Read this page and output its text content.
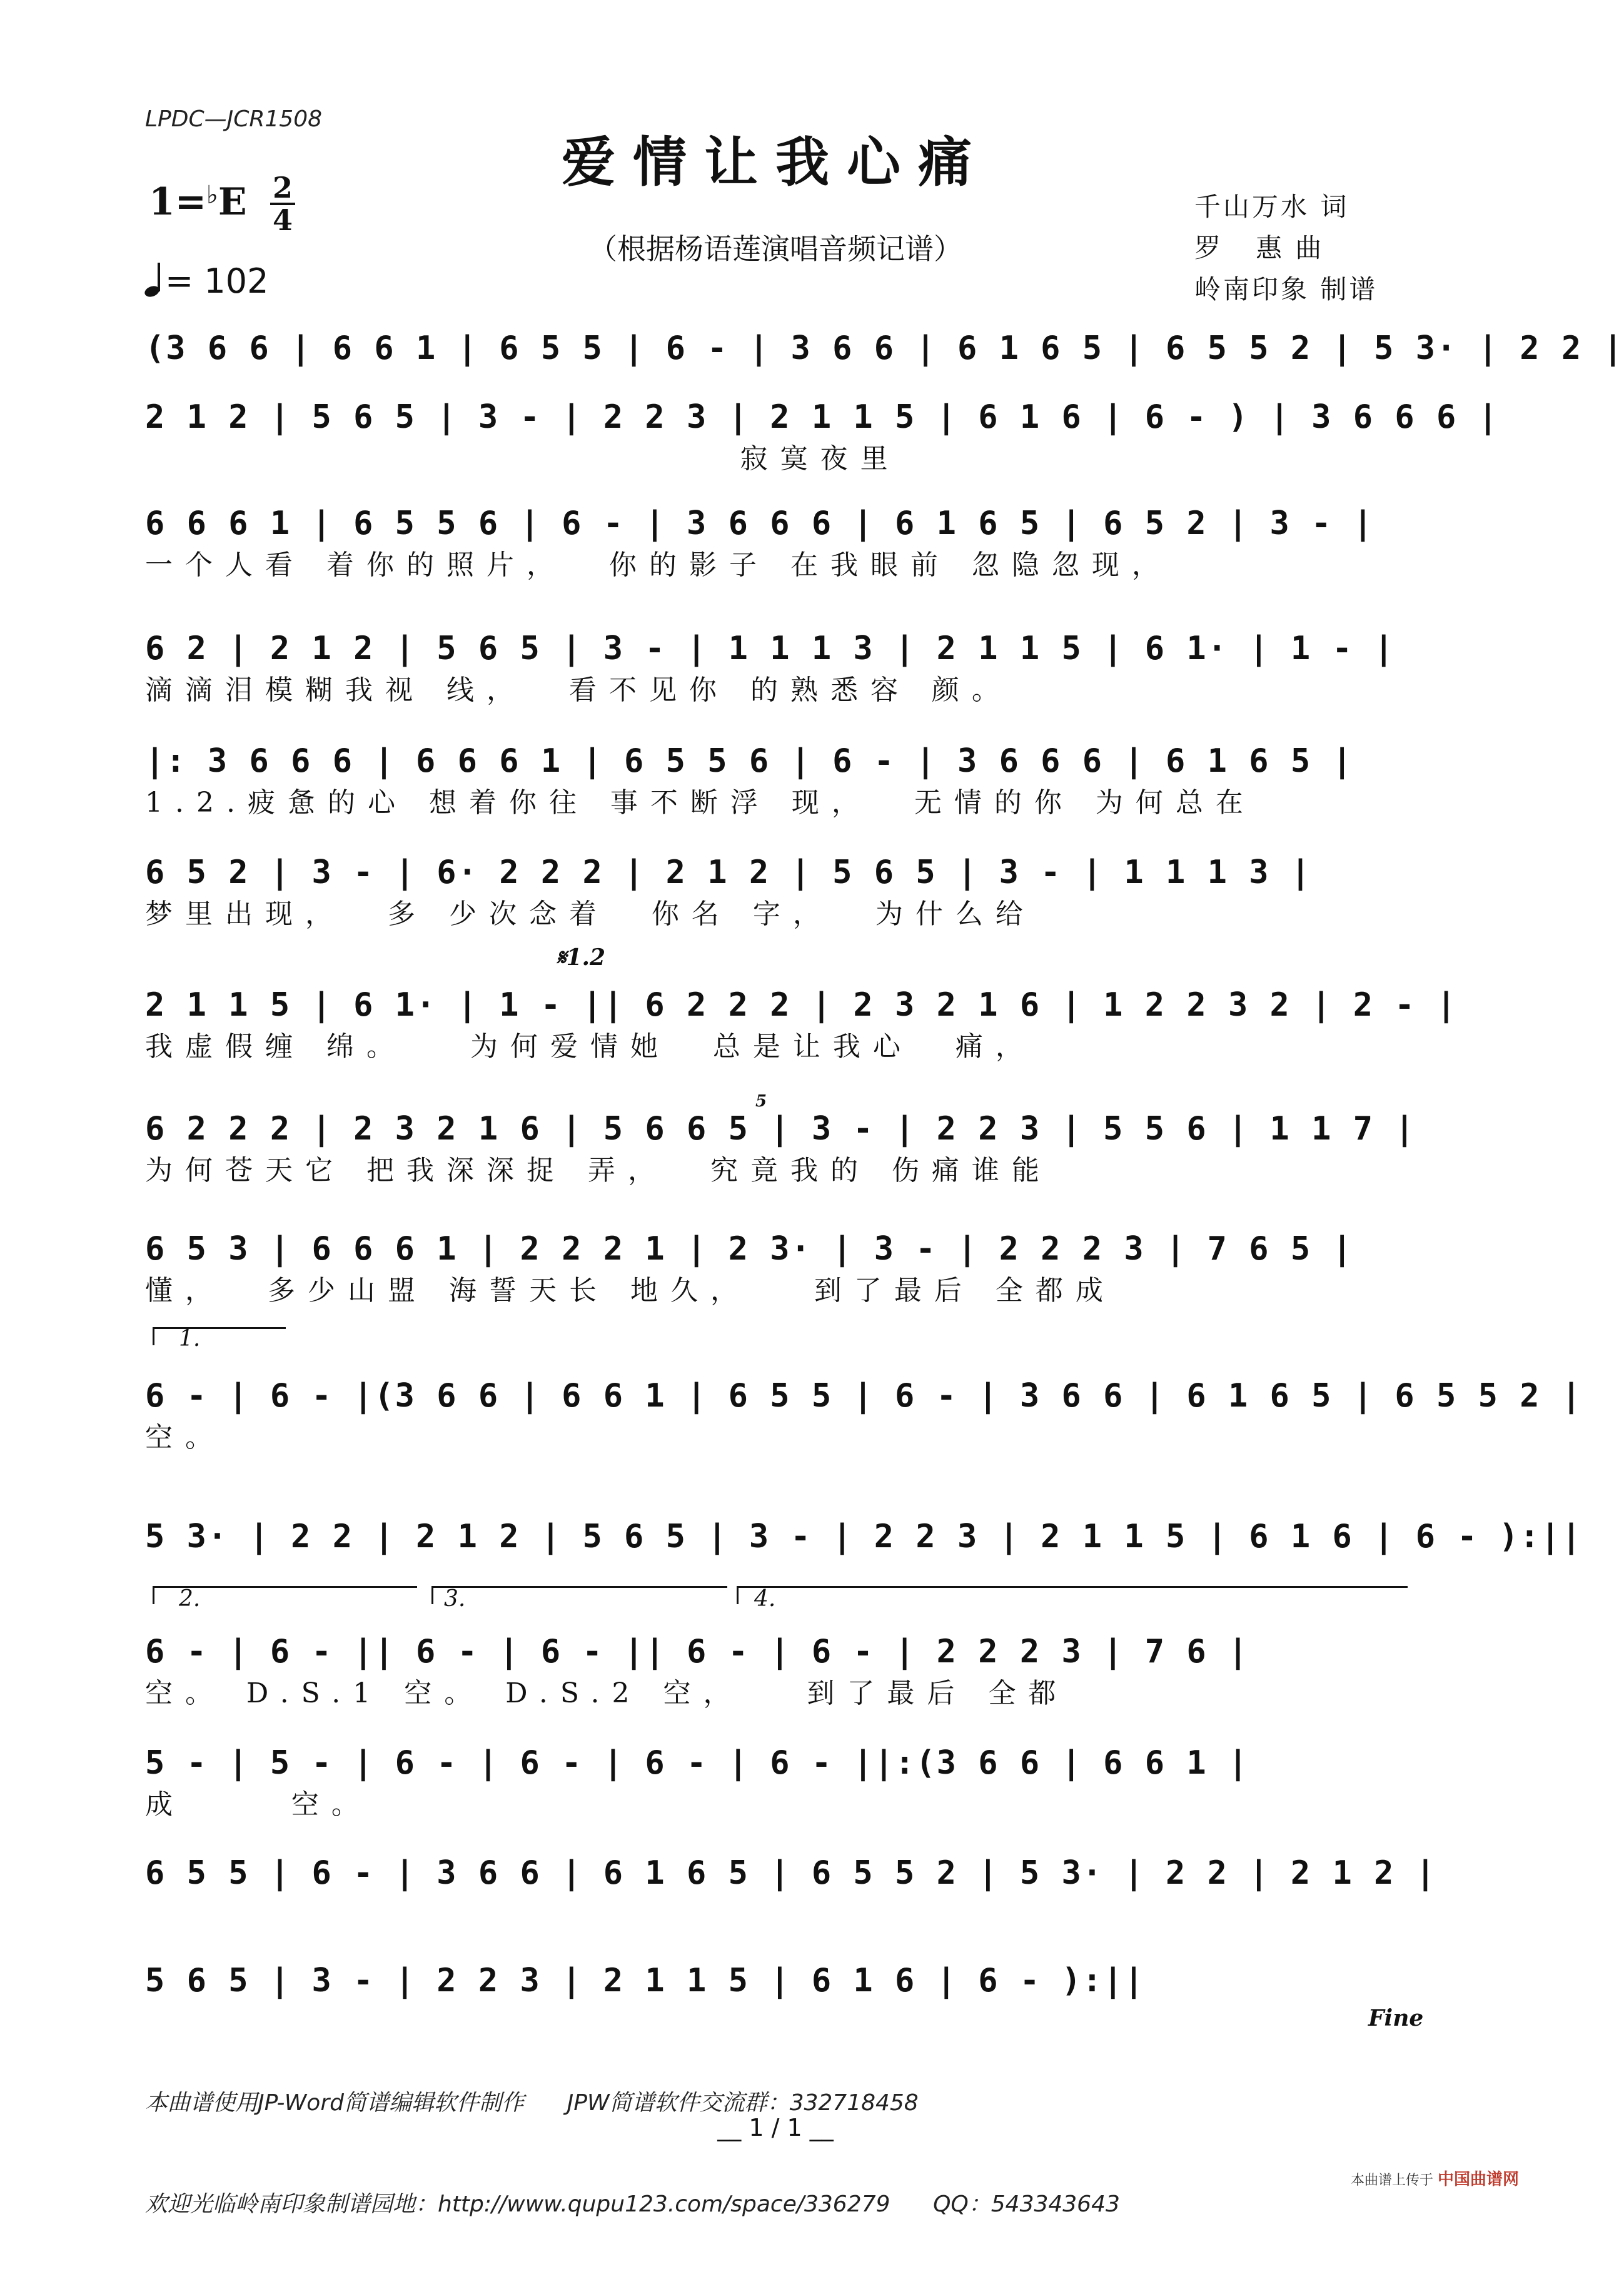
LPDC—JCR1508
爱情让我心痛
（根据杨语莲演唱音频记谱）
1=♭E 2
4
= 102
千山万水 词
罗   惠 曲
岭南印象 制谱
(3 6 6 | 6 6 1 | 6 5 5 | 6 - | 3 6 6 | 6 1 6 5 | 6 5 5 2 | 5 3· | 2 2 |
2 1 2 | 5 6 5 | 3 - | 2 2 3 | 2 1 1 5 | 6 1 6 | 6 - ) | 3 6 6 6 |
寂寞夜里
6 6 6 1 | 6 5 5 6 | 6 - | 3 6 6 6 | 6 1 6 5 | 6 5 2 | 3 - |
一个人看 着你的照片，  你的影子 在我眼前 忽隐忽现，
6 2 | 2 1 2 | 5 6 5 | 3 - | 1 1 1 3 | 2 1 1 5 | 6 1· | 1 - |
滴滴泪模糊我视 线，  看不见你 的熟悉容 颜。
|: 3 6 6 6 | 6 6 6 1 | 6 5 5 6 | 6 - | 3 6 6 6 | 6 1 6 5 |
1.2.疲惫的心 想着你往 事不断浮 现，  无情的你 为何总在
6 5 2 | 3 - | 6· 2 2 2 | 2 1 2 | 5 6 5 | 3 - | 1 1 1 3 |
梦里出现，  多 少次念着  你名 字，  为什么给
2 1 1 5 | 6 1· | 1 - || 6 2 2 2 | 2 3 2 1 6 | 1 2 2 3 2 | 2 - |
我虚假缠 绵。   为何爱情她  总是让我心  痛，
6 2 2 2 | 2 3 2 1 6 | 5 6 6 5 | 3 - | 2 2 3 | 5 5 6 | 1 1 7 |
为何苍天它 把我深深捉 弄，  究竟我的 伤痛谁能
6 5 3 | 6 6 6 1 | 2 2 2 1 | 2 3· | 3 - | 2 2 2 3 | 7 6 5 |
懂，  多少山盟 海誓天长 地久，   到了最后 全都成
6 - | 6 - |(3 6 6 | 6 6 1 | 6 5 5 | 6 - | 3 6 6 | 6 1 6 5 | 6 5 5 2 |
空。
5 3· | 2 2 | 2 1 2 | 5 6 5 | 3 - | 2 2 3 | 2 1 1 5 | 6 1 6 | 6 - ):||
6 - | 6 - || 6 - | 6 - || 6 - | 6 - | 2 2 2 3 | 7 6 |
空。 D.S.1 空。 D.S.2 空，   到了最后 全都
5 - | 5 - | 6 - | 6 - | 6 - | 6 - ||:(3 6 6 | 6 6 1 |
成     空。
6 5 5 | 6 - | 3 6 6 | 6 1 6 5 | 6 5 5 2 | 5 3· | 2 2 | 2 1 2 |
5 6 5 | 3 - | 2 2 3 | 2 1 1 5 | 6 1 6 | 6 - ):||
𝄋1.2
5
Fine
1.
2.	3.	4.

本曲谱使用JP-Word简谱编辑软件制作      JPW简谱软件交流群：332718458

欢迎光临岭南印象制谱园地：http://www.qupu123.com/space/336279      QQ：543343643

__ 1 / 1 __
本曲谱上传于 中国曲谱网
